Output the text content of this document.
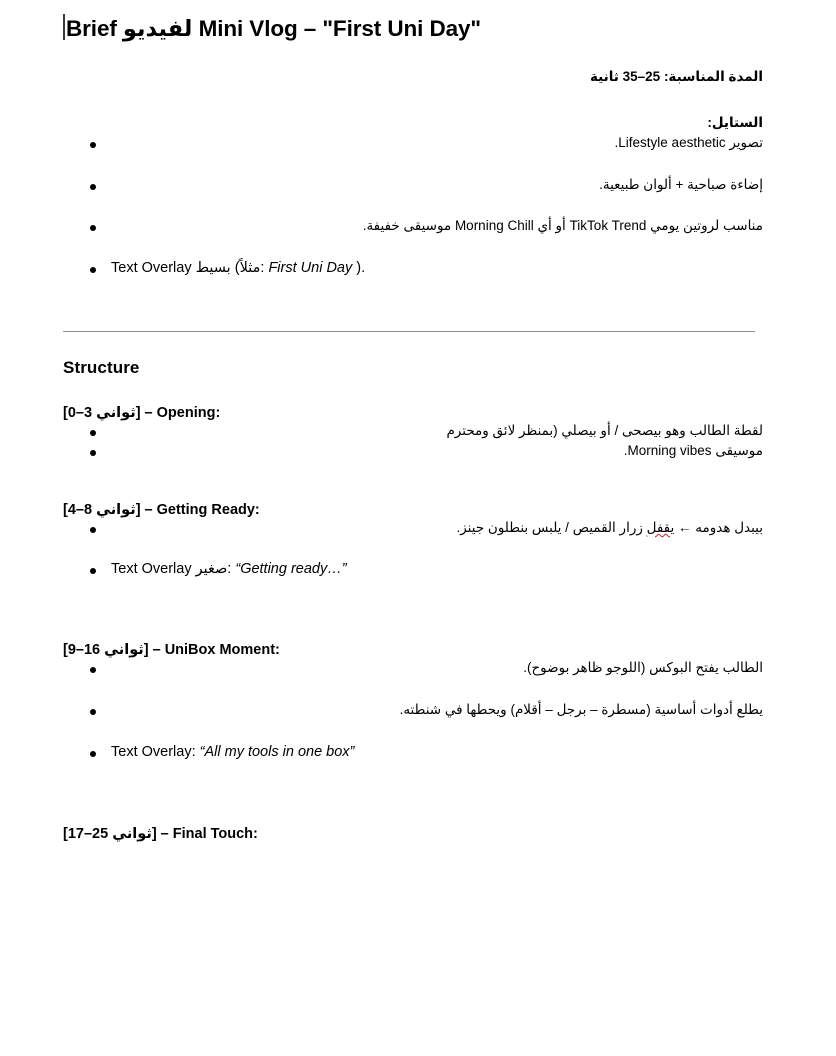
Brief لفيديو Mini Vlog – "First Uni Day"

المدة المناسبة: 25–35 ثانية

الستايل:

تصوير Lifestyle aesthetic.
إضاءة صباحية + ألوان طبيعية.
مناسب لروتين يومي TikTok Trend أو أي Morning Chill موسيقى خفيفة.
Text Overlay بسيط (مثلاً: First Uni Day ).
Structure

[0–3 ثواني] – Opening:

لقطة الطالب وهو بيصحى / أو بيصلي (بمنظر لائق ومحترم
موسيقى Morning vibes.

[4–8 ثواني] – Getting Ready:

بيبدل هدومه ← يقفل زرار القميص / يلبس بنطلون جينز.
Text Overlay صغير: “Getting ready…”

[9–16 ثواني] – UniBox Moment:

الطالب يفتح البوكس (اللوجو ظاهر بوضوح).
يطلع أدوات أساسية (مسطرة – برجل – أقلام) ويحطها في شنطته.
Text Overlay: “All my tools in one box”

[17–25 ثواني] – Final Touch:
